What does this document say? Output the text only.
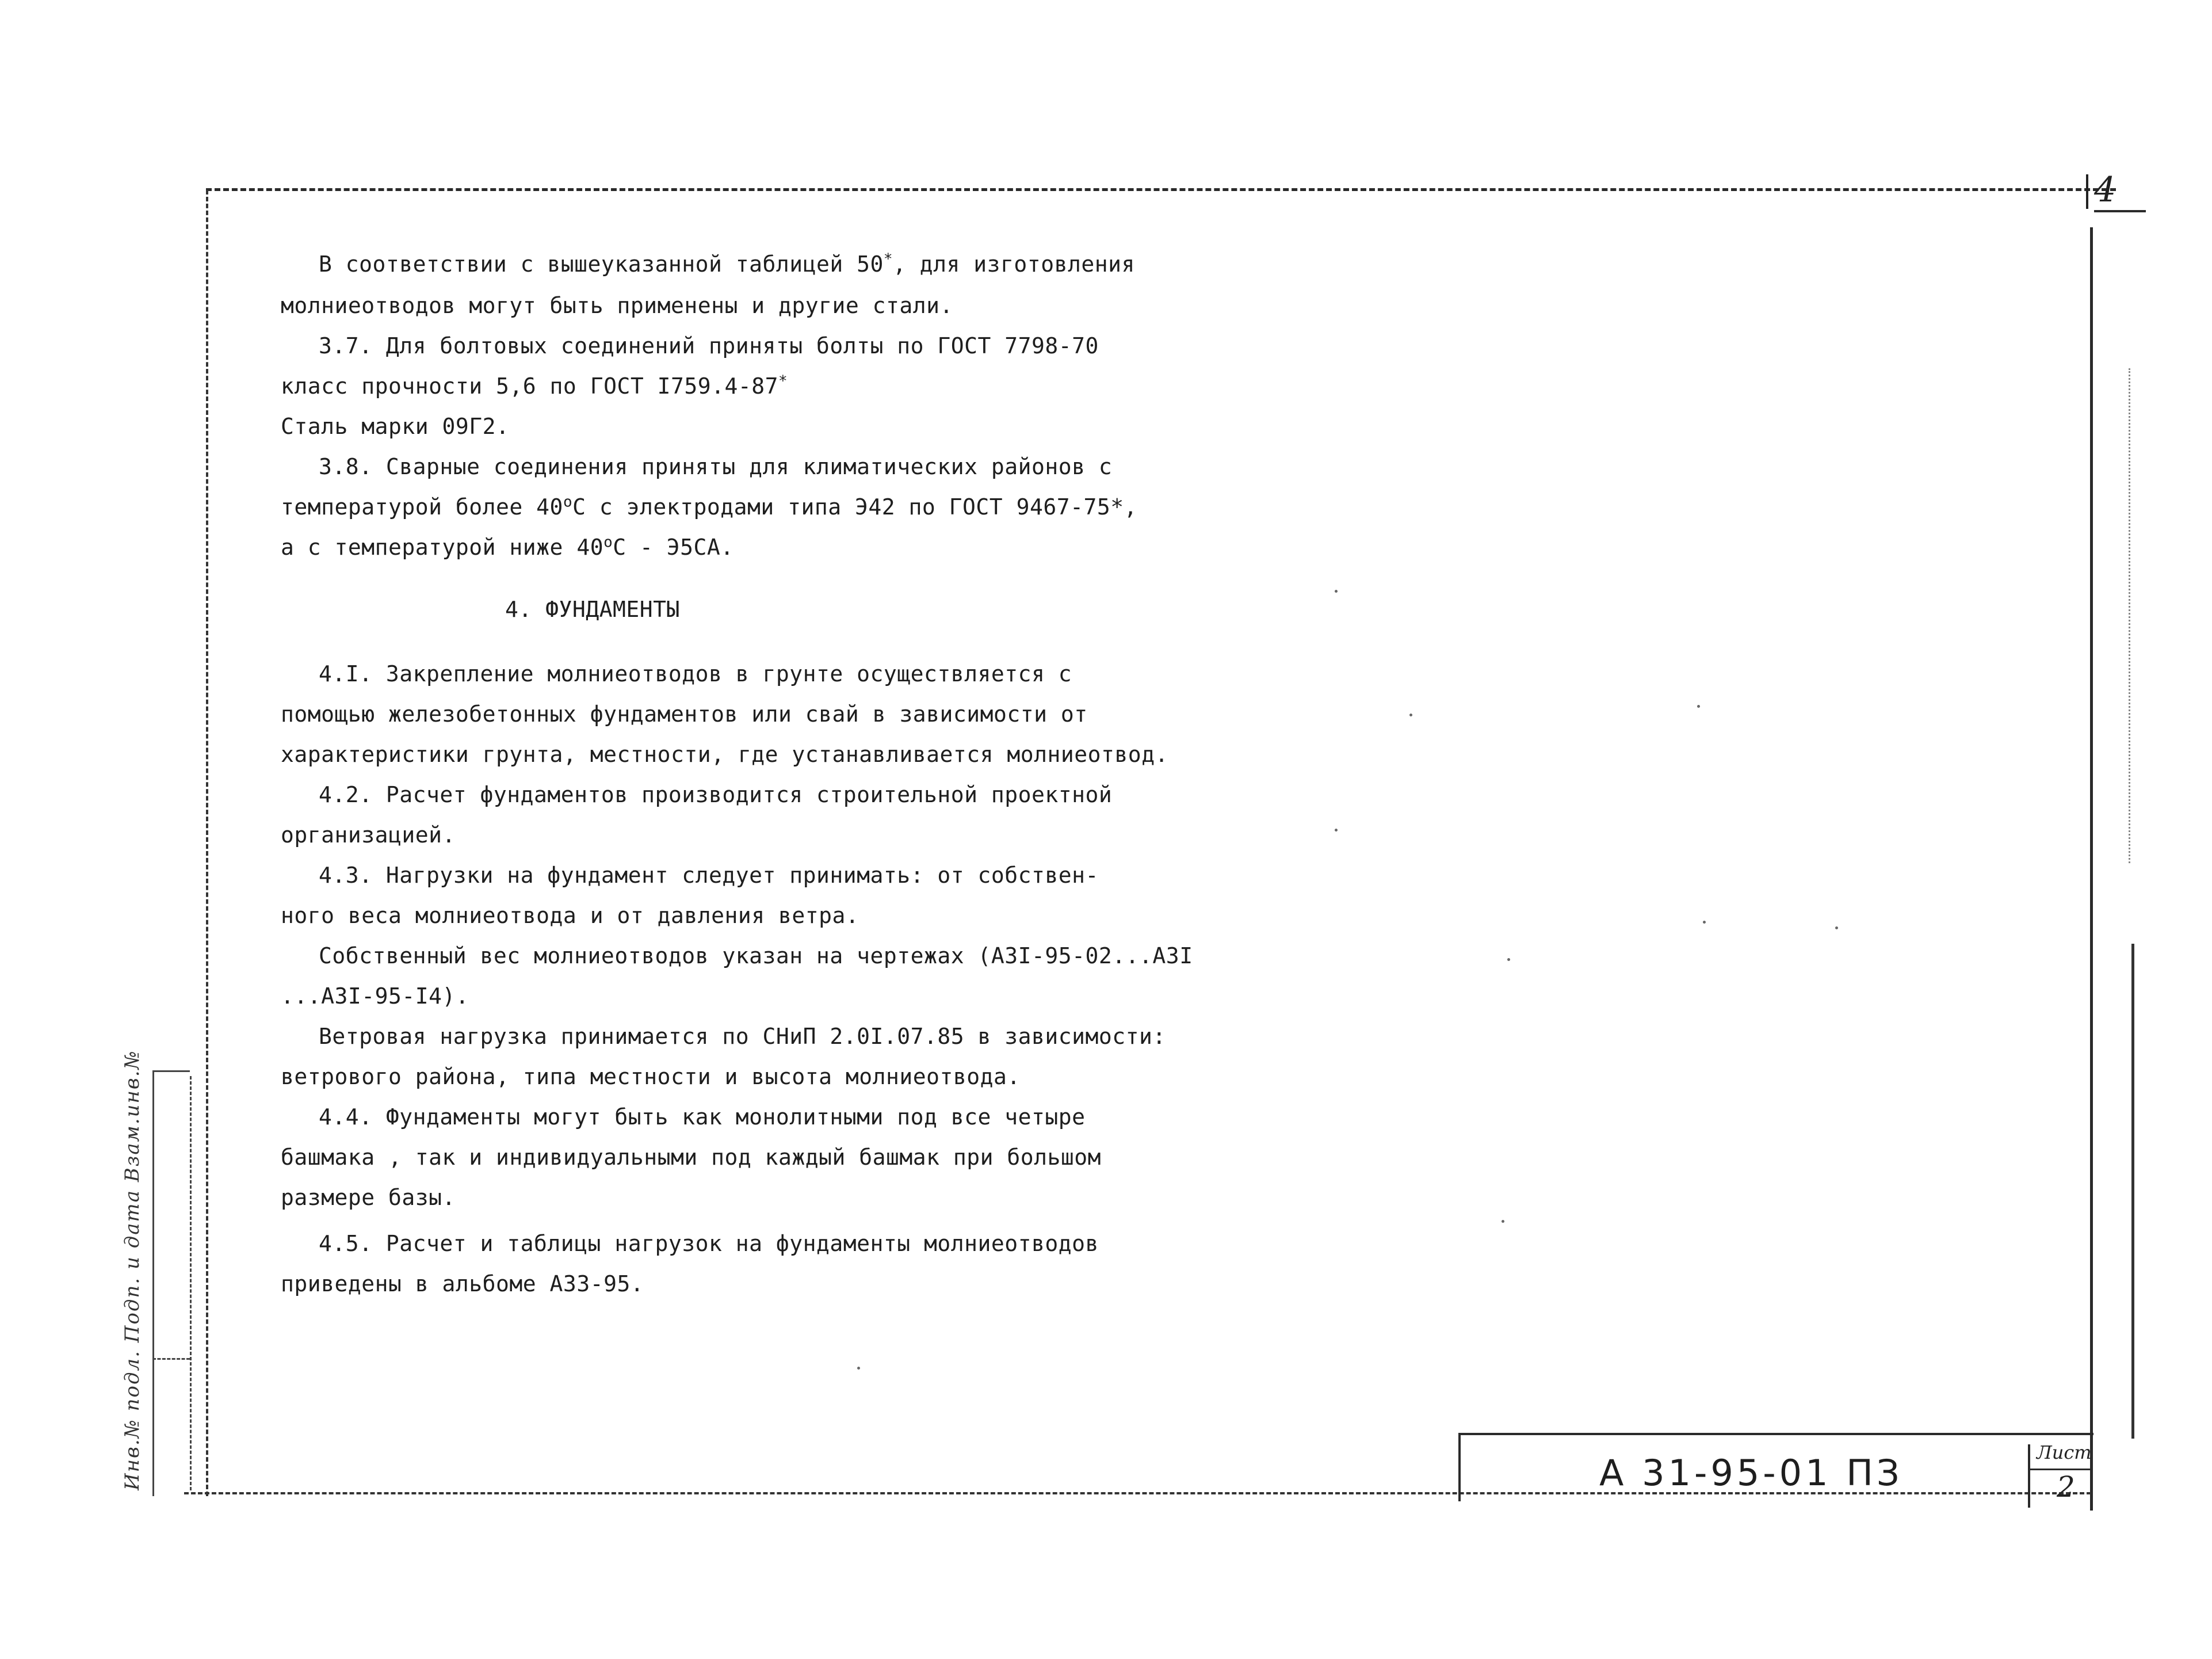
4
В соответствии с вышеуказанной таблицей 50*, для изготовления
молниеотводов могут быть применены и другие стали.
3.7. Для болтовых соединений приняты болты по ГОСТ 7798-70
класс прочности 5,6 по ГОСТ I759.4-87*
Сталь марки 09Г2.
3.8. Сварные соединения приняты для климатических районов с
температурой более 40$^o$С с электродами типа Э42 по ГОСТ 9467-75*,
а с температурой ниже 40$^o$С - Э5СА.
4. ФУНДАМЕНТЫ
4.I. Закрепление молниеотводов в грунте осуществляется с
помощью железобетонных фундаментов или свай в зависимости от
характеристики грунта, местности, где устанавливается молниеотвод.
4.2. Расчет фундаментов производится строительной проектной
организацией.
4.3. Нагрузки на фундамент следует принимать: от собствен-
ного веса молниеотвода и от давления ветра.
Собственный вес молниеотводов указан на чертежах (А3I-95-02...А3I
...А3I-95-I4).
Ветровая нагрузка принимается по СНиП 2.0I.07.85 в зависимости:
ветрового района, типа местности и высота молниеотвода.
4.4. Фундаменты могут быть как монолитными под все четыре
башмака , так и индивидуальными под каждый башмак при большом
размере базы.
4.5. Расчет и таблицы нагрузок на фундаменты молниеотводов
приведены в альбоме А33-95.
А 31-95-01 ПЗ	Лист
2
Инв.№ подл. Подп. и дата Взам.инв.№
